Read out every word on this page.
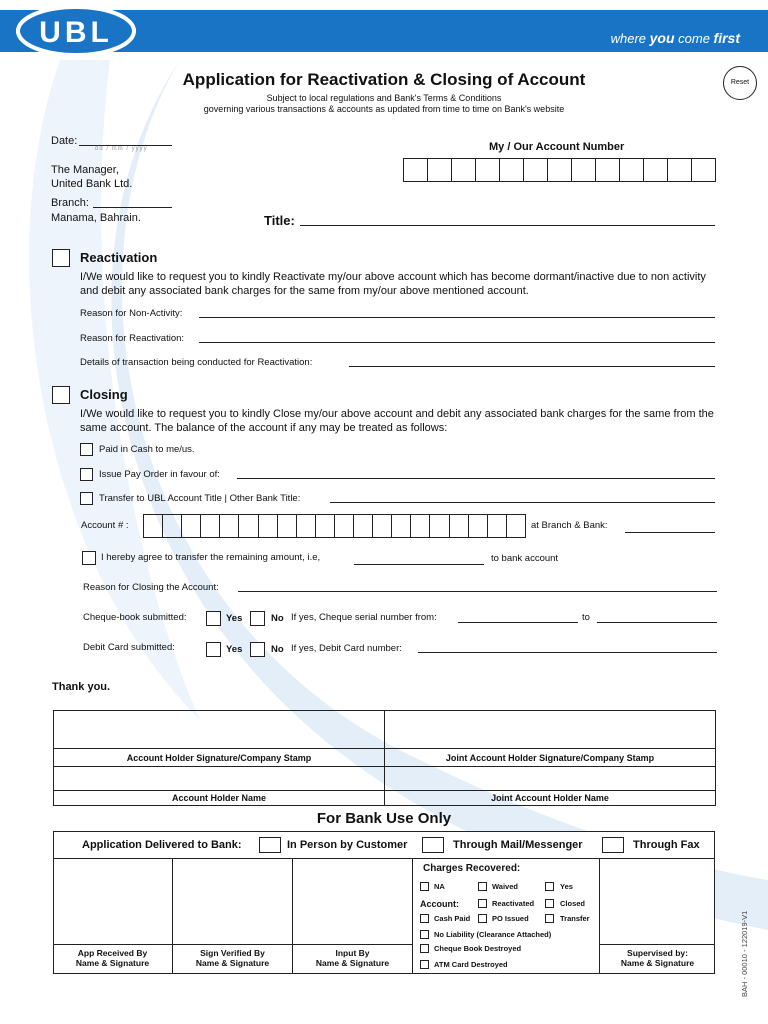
UBL	where you come first
Application for Reactivation & Closing of Account
Subject to local regulations and Bank's Terms & Conditions
governing various transactions & accounts as updated from time to time on Bank's website
Reset
Date:
dd / mm / yyyy	My / Our Account Number
The Manager,
United Bank Ltd.
Branch:
Manama, Bahrain.	Title:
Reactivation
I/We would like to request you to kindly Reactivate my/our above account which has become dormant/inactive due to non activity and debit any associated bank charges for the same from my/our above mentioned account.
Reason for Non-Activity:
Reason for Reactivation:
Details of transaction being conducted for Reactivation:
Closing
I/We would like to request you to kindly Close my/our above account and debit any associated bank charges for the same from the same account. The balance of the account if any may be treated as follows:
Paid in Cash to me/us.
Issue Pay Order in favour of:
Transfer to UBL Account Title | Other Bank Title:
Account # :	at Branch & Bank:
I hereby agree to transfer the remaining amount, i.e,	to bank account
Reason for Closing the Account:
Cheque-book submitted:	Yes	No If yes, Cheque serial number from:	to
Debit Card submitted:	Yes	No If yes, Debit Card number:
Thank you.

Account Holder Signature/Company Stamp	Joint Account Holder Signature/Company Stamp

Account Holder Name	Joint Account Holder Name
For Bank Use Only
Application Delivered to Bank:	In Person by Customer	Through Mail/Messenger	Through Fax
App Received By
Name & Signature
Sign Verified By
Name & Signature
Input By
Name & Signature
Supervised by:
Name & Signature
Charges Recovered:
NA	Waived	Yes
Account:	Reactivated	Closed
Cash Paid	PO Issued	Transfer
No Liability (Clearance Attached)
Cheque Book Destroyed
ATM Card Destroyed	BAH - 00010 - 122019-V1
